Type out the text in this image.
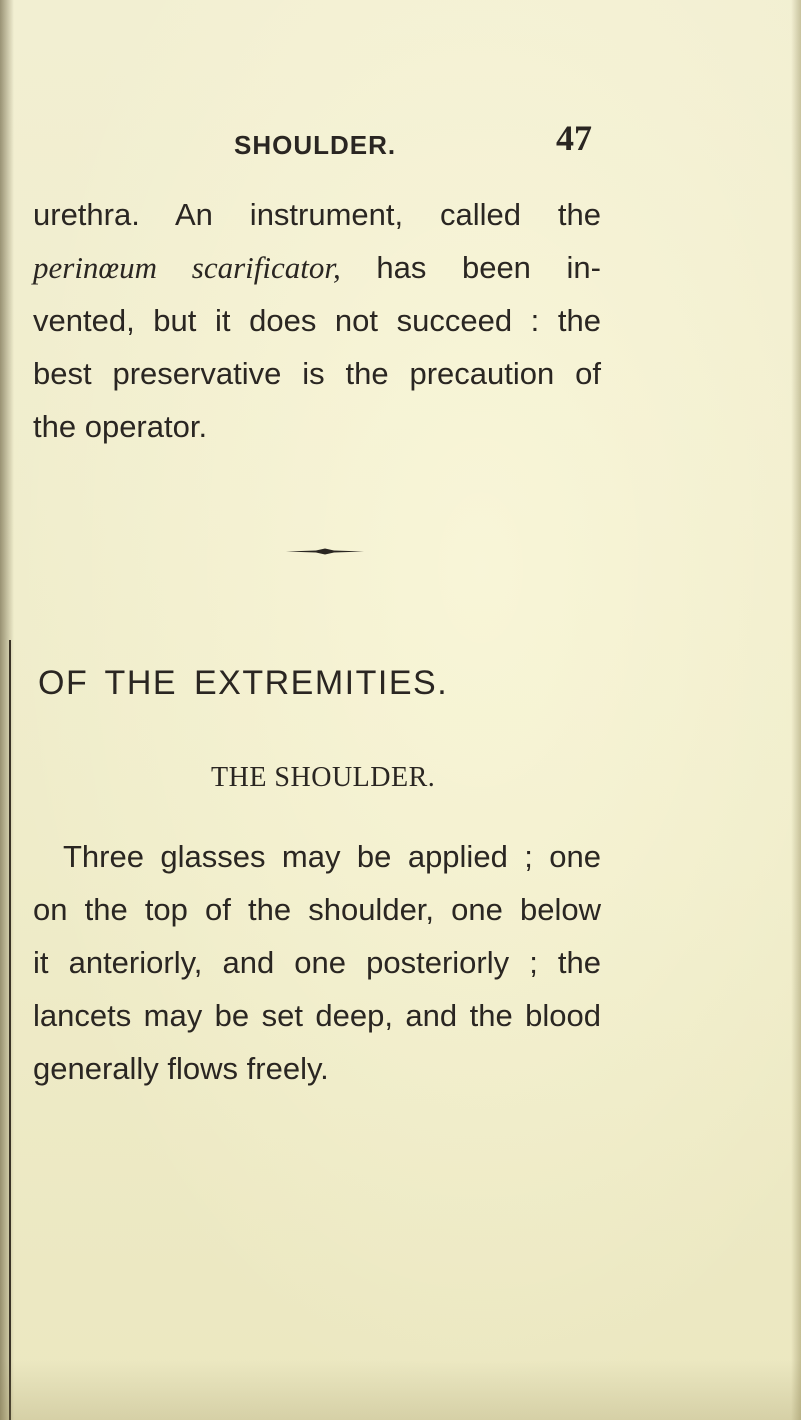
SHOULDER.	47
urethra. An instrument, called the
perinœum scarificator, has been in-
vented, but it does not succeed : the
best preservative is the precaution of
the operator.
OF THE EXTREMITIES.
THE SHOULDER.
Three glasses may be applied ; one
on the top of the shoulder, one below
it anteriorly, and one posteriorly ; the
lancets may be set deep, and the blood
generally flows freely.
